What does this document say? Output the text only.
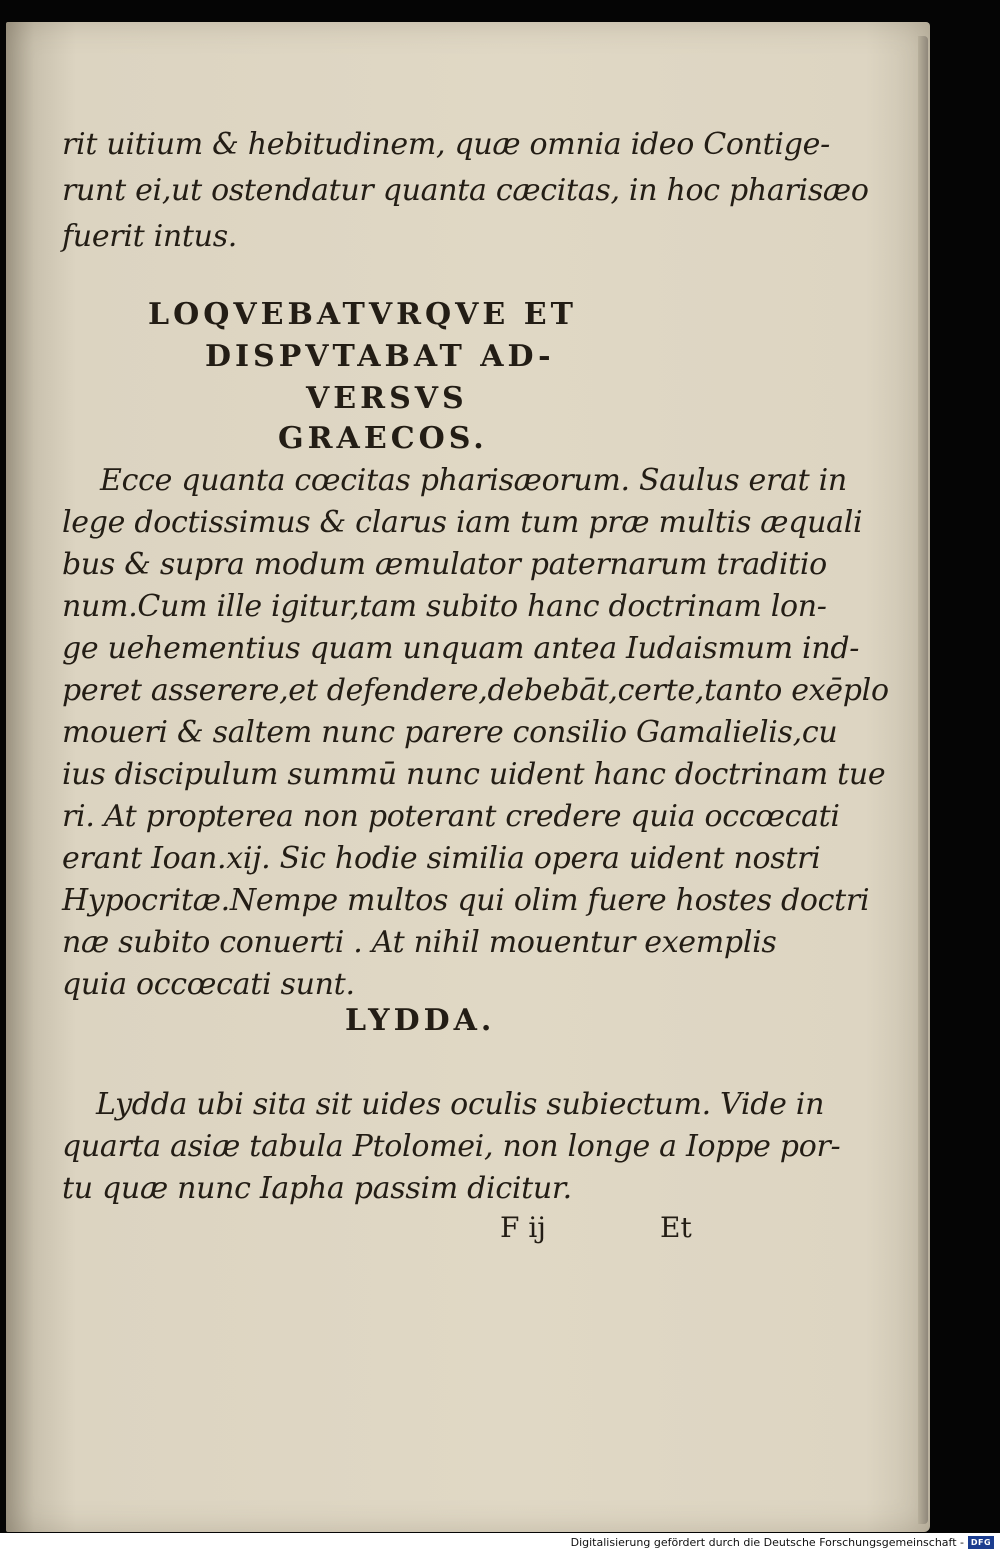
rit uitium & hebitudinem, quæ omnia ideo Contige-
runt ei,ut ostendatur quanta cæcitas, in hoc pharisæo
fuerit intus.
LOQVEBATVRQVE ET
DISPVTABAT AD-
VERSVS
GRAECOS.
Ecce quanta cœcitas pharisæorum. Saulus erat in
lege doctissimus & clarus iam tum præ multis æquali
bus & supra modum æmulator paternarum traditio
num.Cum ille igitur,tam subito hanc doctrinam lon-
ge uehementius quam unquam antea Iudaismum ind-
peret asserere,et defendere,debebāt,certe,tanto exēplo
moueri & saltem nunc parere consilio Gamalielis,cu
ius discipulum summū nunc uident hanc doctrinam tue
ri. At propterea non poterant credere quia occœcati
erant Ioan.xij. Sic hodie similia opera uident nostri
Hypocritæ.Nempe multos qui olim fuere hostes doctri
næ subito conuerti . At nihil mouentur exemplis
quia occœcati sunt.
LYDDA.
Lydda ubi sita sit uides oculis subiectum. Vide in
quarta asiæ tabula Ptolomei, non longe a Ioppe por-
tu quæ nunc Iapha passim dicitur.
F ij	Et
Digitalisierung gefördert durch die Deutsche Forschungsgemeinschaft - DFG
